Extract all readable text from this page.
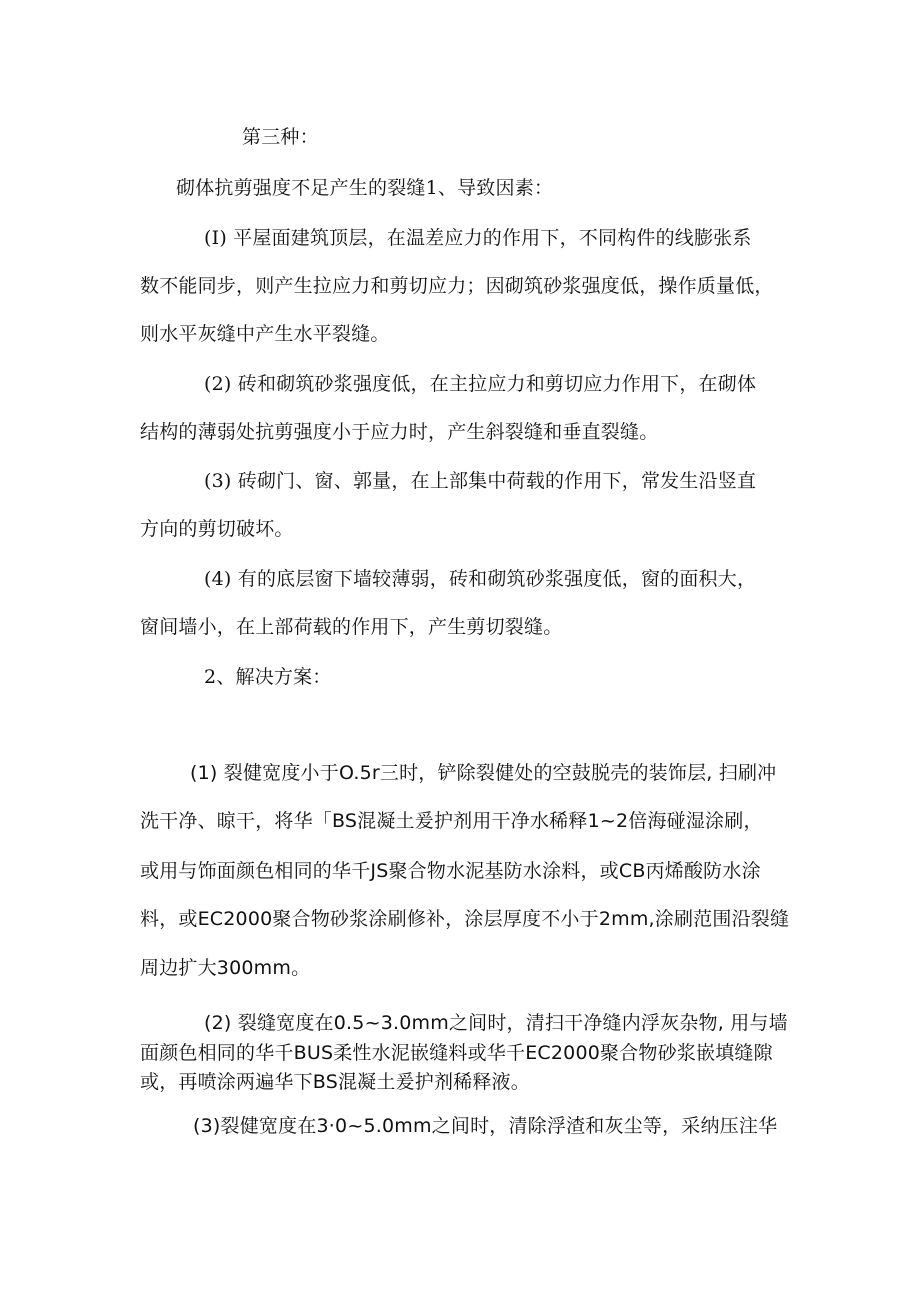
第三种：
砌体抗剪强度不足产生的裂缝1、导致因素：
(I) 平屋面建筑顶层，在温差应力的作用下，不同构件的线膨张系
数不能同步，则产生拉应力和剪切应力；因砌筑砂浆强度低，操作质量低，
则水平灰缝中产生水平裂缝。
(2) 砖和砌筑砂浆强度低，在主拉应力和剪切应力作用下，在砌体
结构的薄弱处抗剪强度小于应力时，产生斜裂缝和垂直裂缝。
(3) 砖砌门、窗、郭量，在上部集中荷载的作用下，常发生沿竖直
方向的剪切破坏。
(4) 有的底层窗下墙较薄弱，砖和砌筑砂浆强度低，窗的面积大，
窗间墙小，在上部荷载的作用下，产生剪切裂缝。
2、解决方案：
(1) 裂健宽度小于O.5r三时，铲除裂健处的空鼓脱壳的装饰层, 扫刷冲
洗干净、晾干，将华「BS混凝土爰护剂用干净水稀释1~2倍海碰湿涂刷，
或用与饰面颜色相同的华千JS聚合物水泥基防水涂料，或CB丙烯酸防水涂
料，或EC2000聚合物砂浆涂刷修补，涂层厚度不小于2mm,涂刷范围沿裂缝
周边扩大300mm。
(2) 裂缝宽度在0.5~3.0mm之间时，清扫干净缝内浮灰杂物, 用与墙
面颜色相同的华千BUS柔性水泥嵌缝料或华千EC2000聚合物砂浆嵌填缝隙
或，再喷涂两遍华下BS混凝土爰护剂稀释液。
(3)裂健宽度在3·0~5.0mm之间时，清除浮渣和灰尘等，采纳压注华
